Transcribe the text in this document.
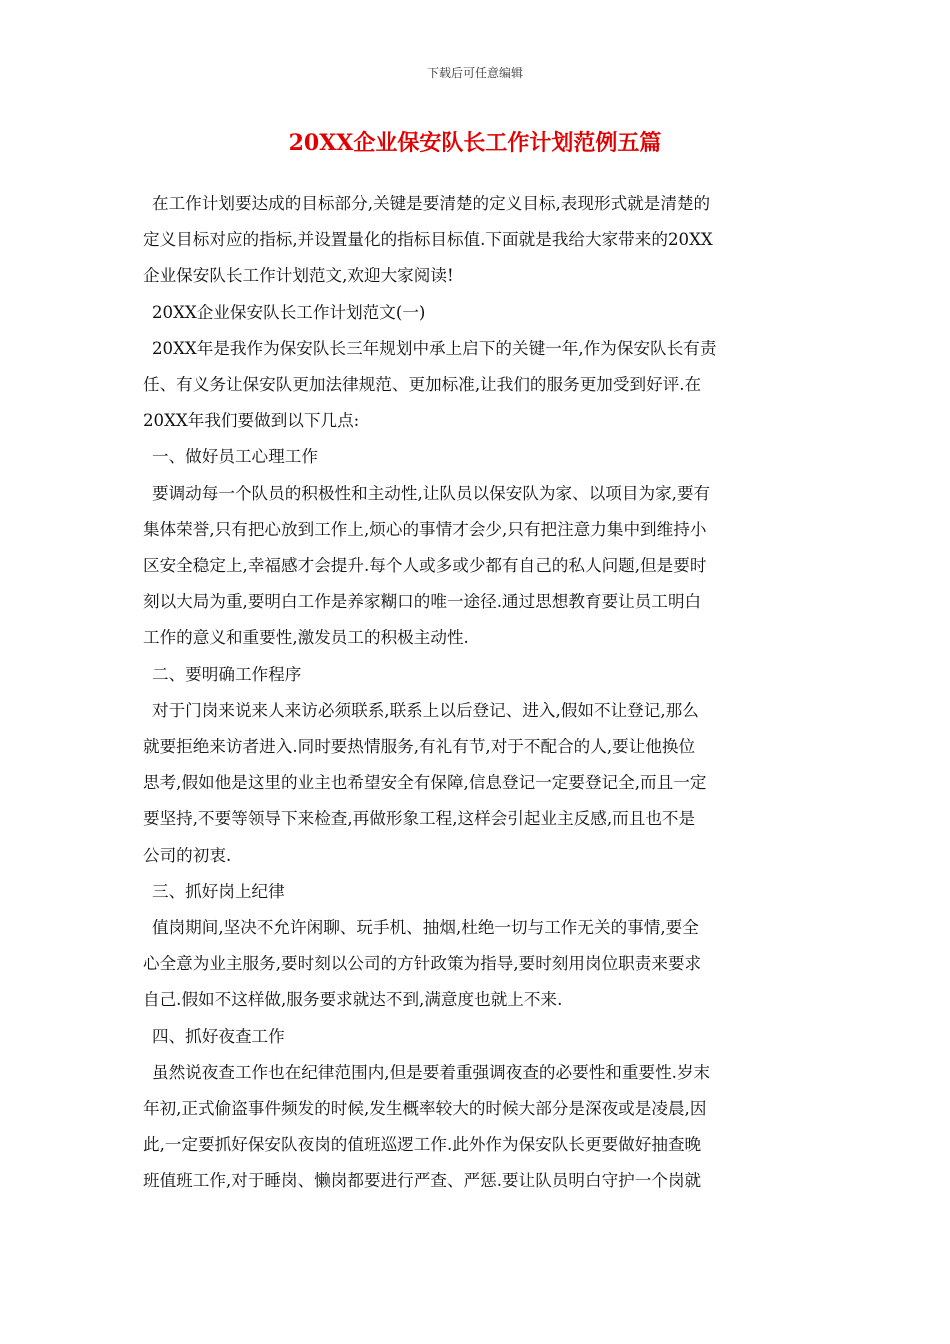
下载后可任意编辑
20XX企业保安队长工作计划范例五篇

在工作计划要达成的目标部分,关键是要清楚的定义目标,表现形式就是清楚的
定义目标对应的指标,并设置量化的指标目标值.下面就是我给大家带来的20XX
企业保安队长工作计划范文,欢迎大家阅读!

20XX企业保安队长工作计划范文(一)

20XX年是我作为保安队长三年规划中承上启下的关键一年,作为保安队长有责
任、有义务让保安队更加法律规范、更加标准,让我们的服务更加受到好评.在
20XX年我们要做到以下几点:

一、做好员工心理工作

要调动每一个队员的积极性和主动性,让队员以保安队为家、以项目为家,要有
集体荣誉,只有把心放到工作上,烦心的事情才会少,只有把注意力集中到维持小
区安全稳定上,幸福感才会提升.每个人或多或少都有自己的私人问题,但是要时
刻以大局为重,要明白工作是养家糊口的唯一途径.通过思想教育要让员工明白
工作的意义和重要性,激发员工的积极主动性.

二、要明确工作程序

对于门岗来说来人来访必须联系,联系上以后登记、进入,假如不让登记,那么
就要拒绝来访者进入.同时要热情服务,有礼有节,对于不配合的人,要让他换位
思考,假如他是这里的业主也希望安全有保障,信息登记一定要登记全,而且一定
要坚持,不要等领导下来检查,再做形象工程,这样会引起业主反感,而且也不是
公司的初衷.

三、抓好岗上纪律

值岗期间,坚决不允许闲聊、玩手机、抽烟,杜绝一切与工作无关的事情,要全
心全意为业主服务,要时刻以公司的方针政策为指导,要时刻用岗位职责来要求
自己.假如不这样做,服务要求就达不到,满意度也就上不来.

四、抓好夜查工作

虽然说夜查工作也在纪律范围内,但是要着重强调夜查的必要性和重要性.岁末
年初,正式偷盗事件频发的时候,发生概率较大的时候大部分是深夜或是凌晨,因
此,一定要抓好保安队夜岗的值班巡逻工作.此外作为保安队长更要做好抽查晚
班值班工作,对于睡岗、懒岗都要进行严查、严惩.要让队员明白守护一个岗就
